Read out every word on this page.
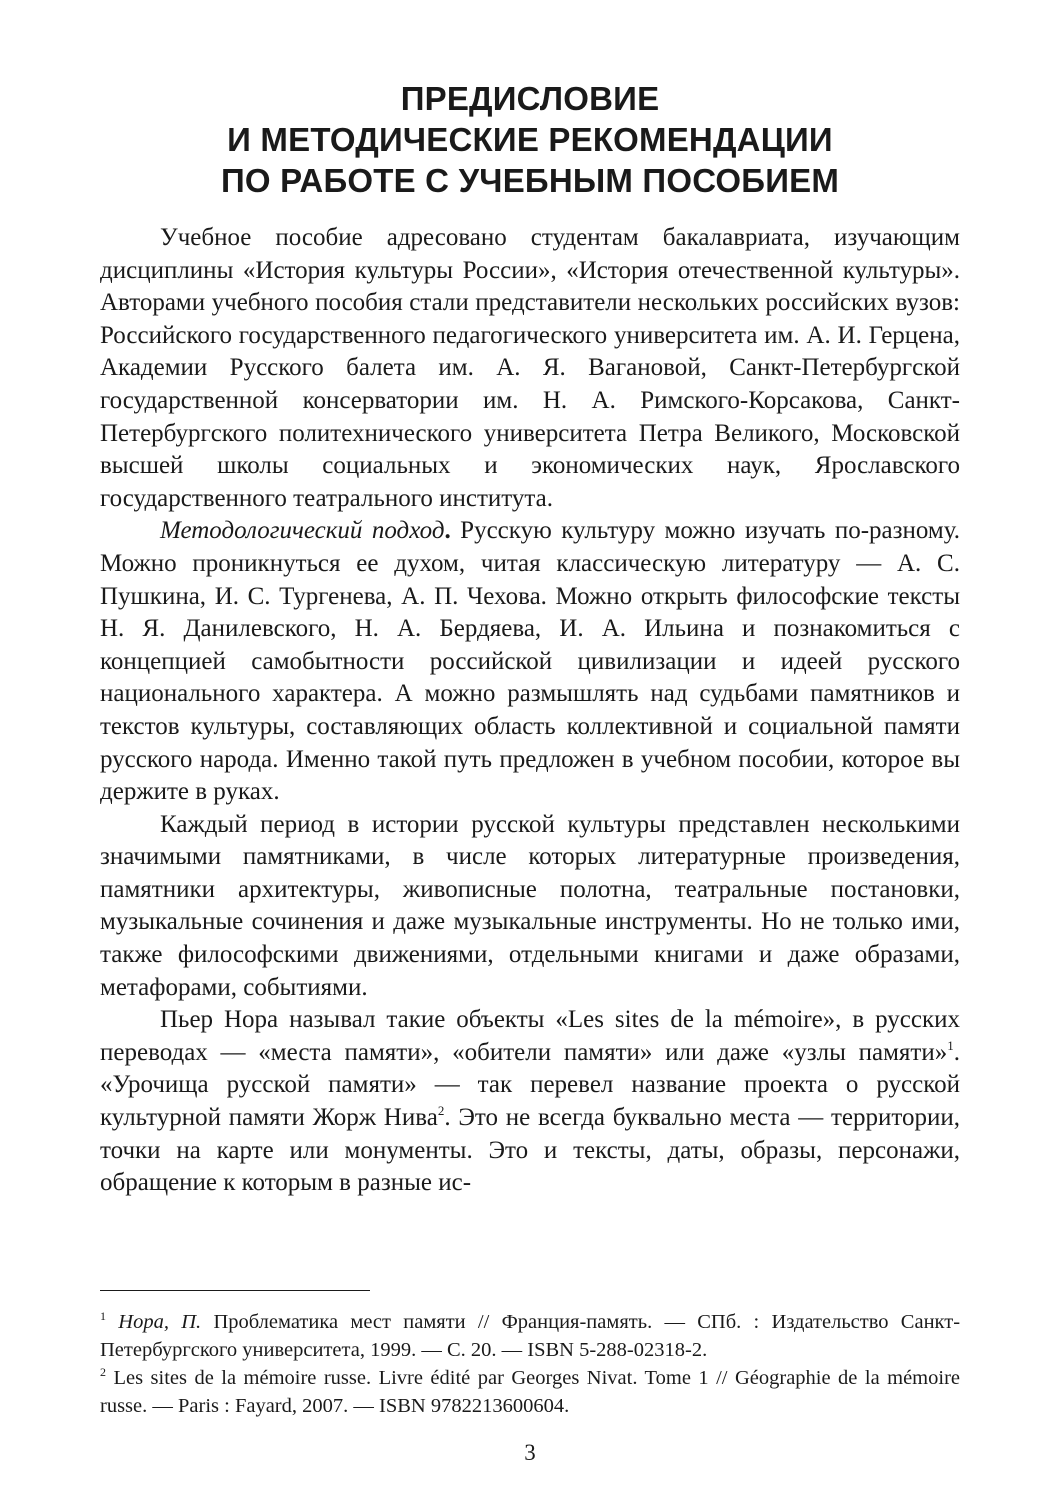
ПРЕДИСЛОВИЕ
И МЕТОДИЧЕСКИЕ РЕКОМЕНДАЦИИ
ПО РАБОТЕ С УЧЕБНЫМ ПОСОБИЕМ

Учебное пособие адресовано студентам бакалавриата, изучающим дисциплины «История культуры России», «История отечественной культуры». Авторами учебного пособия стали представители нескольких российских вузов: Российского государственного педагогического университета им. А. И. Герцена, Академии Русского балета им. А. Я. Вагановой, Санкт-Петербургской государственной консерватории им. Н. А. Римского-Корсакова, Санкт-Петербургского политехнического университета Петра Великого, Московской высшей школы социальных и экономических наук, Ярославского государственного театрального института.

Методологический подход. Русскую культуру можно изучать по-разному. Можно проникнуться ее духом, читая классическую литературу — А. С. Пушкина, И. С. Тургенева, А. П. Чехова. Можно открыть философские тексты Н. Я. Данилевского, Н. А. Бердяева, И. А. Ильина и познакомиться с концепцией самобытности российской цивилизации и идеей русского национального характера. А можно размышлять над судьбами памятников и текстов культуры, составляющих область коллективной и социальной памяти русского народа. Именно такой путь предложен в учебном пособии, которое вы держите в руках.

Каждый период в истории русской культуры представлен несколькими значимыми памятниками, в числе которых литературные произведения, памятники архитектуры, живописные полотна, театральные постановки, музыкальные сочинения и даже музыкальные инструменты. Но не только ими, также философскими движениями, отдельными книгами и даже образами, метафорами, событиями.

Пьер Нора называл такие объекты «Les sites de la mémoire», в русских переводах — «места памяти», «обители памяти» или даже «узлы памяти»$^1$. «Урочища русской памяти» — так перевел название проекта о русской культурной памяти Жорж Нива$^2$. Это не всегда буквально места — территории, точки на карте или монументы. Это и тексты, даты, образы, персонажи, обращение к которым в разные ис-

$^1$ Нора, П. Проблематика мест памяти // Франция-память. — СПб. : Издательство Санкт-Петербургского университета, 1999. — С. 20. — ISBN 5-288-02318-2.

$^2$ Les sites de la mémoire russe. Livre édité par Georges Nivat. Tome 1 // Géographie de la mémoire russe. — Paris : Fayard, 2007. — ISBN 9782213600604.

3
